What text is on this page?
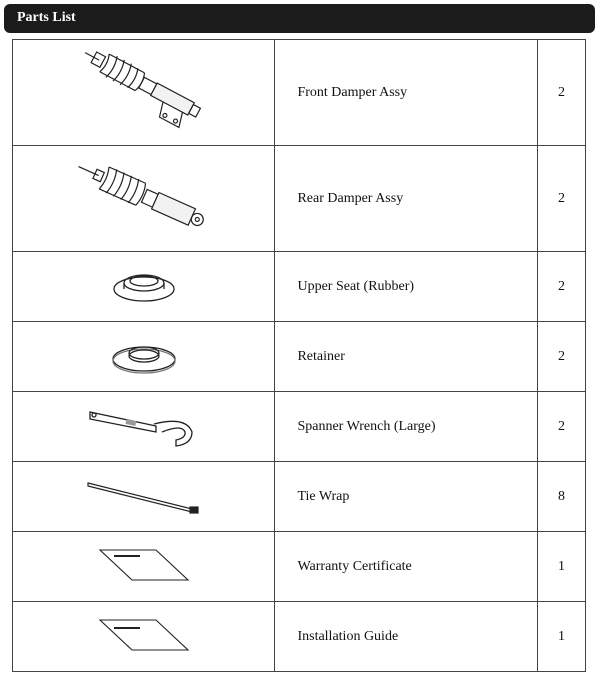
Parts List
	Front Damper Assy	2

	Rear Damper Assy	2

	Upper Seat (Rubber)	2

	Retainer	2

	Spanner Wrench (Large)	2

	Tie Wrap	8

	Warranty Certificate	1

	Installation Guide	1
